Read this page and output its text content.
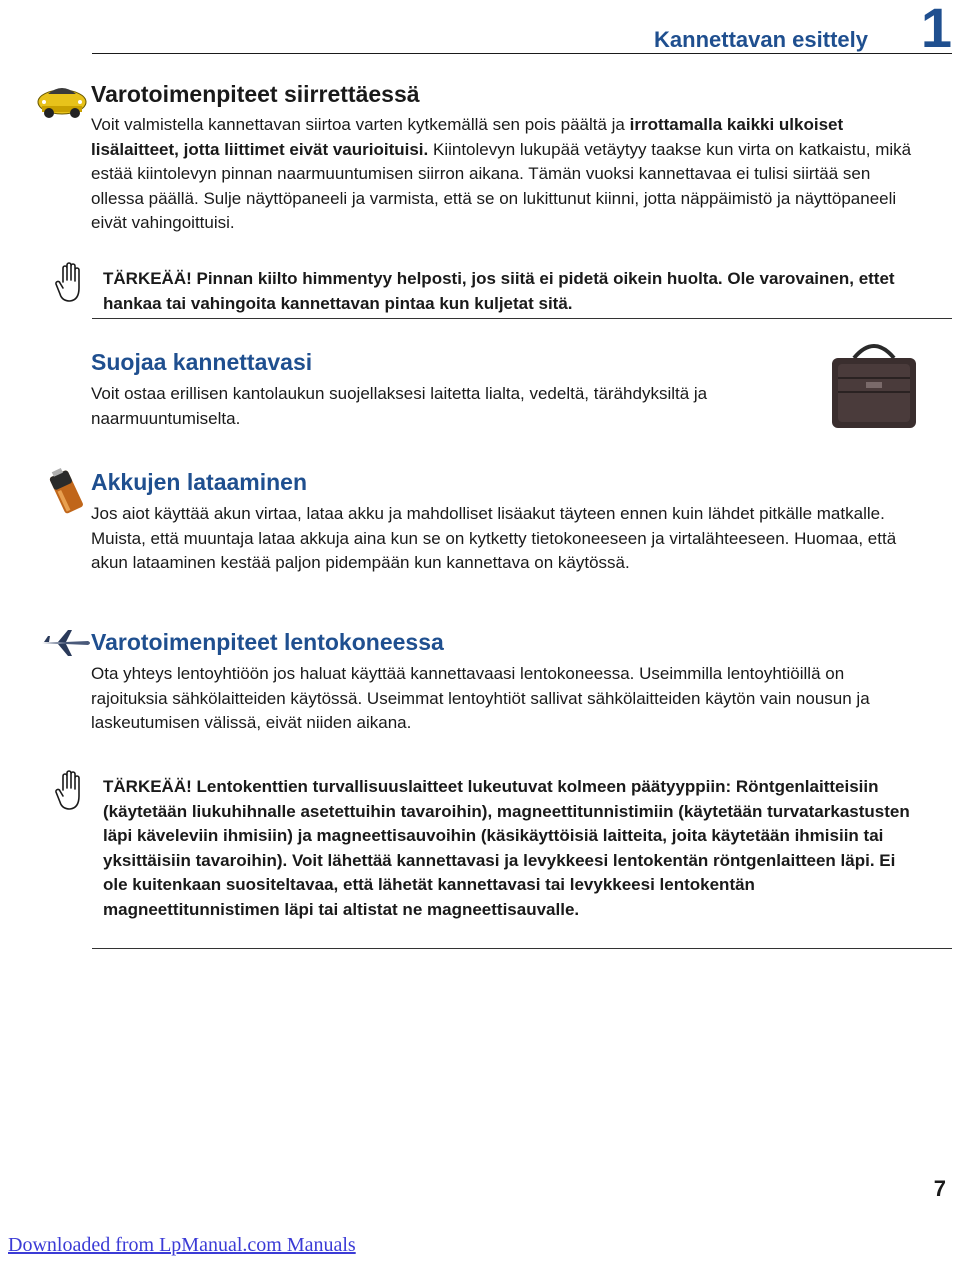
Kannettavan esittely 1
Varotoimenpiteet siirrettäessä

Voit valmistella kannettavan siirtoa varten kytkemällä sen pois päältä ja irrottamalla kaikki ulkoiset lisälaitteet, jotta liittimet eivät vaurioituisi. Kiintolevyn lukupää vetäytyy taakse kun virta on katkaistu, mikä estää kiintolevyn pinnan naarmuuntumisen siirron aikana. Tämän vuoksi kannettavaa ei tulisi siirtää sen ollessa päällä. Sulje näyttöpaneeli ja varmista, että se on lukittunut kiinni, jotta näppäimistö ja näyttöpaneeli eivät vahingoittuisi.

TÄRKEÄÄ! Pinnan kiilto himmentyy helposti, jos siitä ei pidetä oikein huolta. Ole varovainen, ettet hankaa tai vahingoita kannettavan pintaa kun kuljetat sitä.

Suojaa kannettavasi

Voit ostaa erillisen kantolaukun suojellaksesi laitetta lialta, vedeltä, tärähdyksiltä ja naarmuuntumiselta.

Akkujen lataaminen

Jos aiot käyttää akun virtaa, lataa akku ja mahdolliset lisäakut täyteen ennen kuin lähdet pitkälle matkalle. Muista, että muuntaja lataa akkuja aina kun se on kytketty tietokoneeseen ja virtalähteeseen. Huomaa, että akun lataaminen kestää paljon pidempään kun kannettava on käytössä.

Varotoimenpiteet lentokoneessa

Ota yhteys lentoyhtiöön jos haluat käyttää kannettavaasi lentokoneessa. Useimmilla lentoyhtiöillä on rajoituksia sähkölaitteiden käytössä. Useimmat lentoyhtiöt sallivat sähkölaitteiden käytön vain nousun ja laskeutumisen välissä, eivät niiden aikana.

TÄRKEÄÄ! Lentokenttien turvallisuuslaitteet lukeutuvat kolmeen päätyyppiin: Röntgenlaitteisiin (käytetään liukuhihnalle asetettuihin tavaroihin), magneettitunnistimiin (käytetään turvatarkastusten läpi käveleviin ihmisiin) ja magneettisauvoihin (käsikäyttöisiä laitteita, joita käytetään ihmisiin tai yksittäisiin tavaroihin). Voit lähettää kannettavasi ja levykkeesi lentokentän röntgenlaitteen läpi. Ei ole kuitenkaan suositeltavaa, että lähetät kannettavasi tai levykkeesi lentokentän magneettitunnistimen läpi tai altistat ne magneettisauvalle.

7
Downloaded from LpManual.com Manuals
